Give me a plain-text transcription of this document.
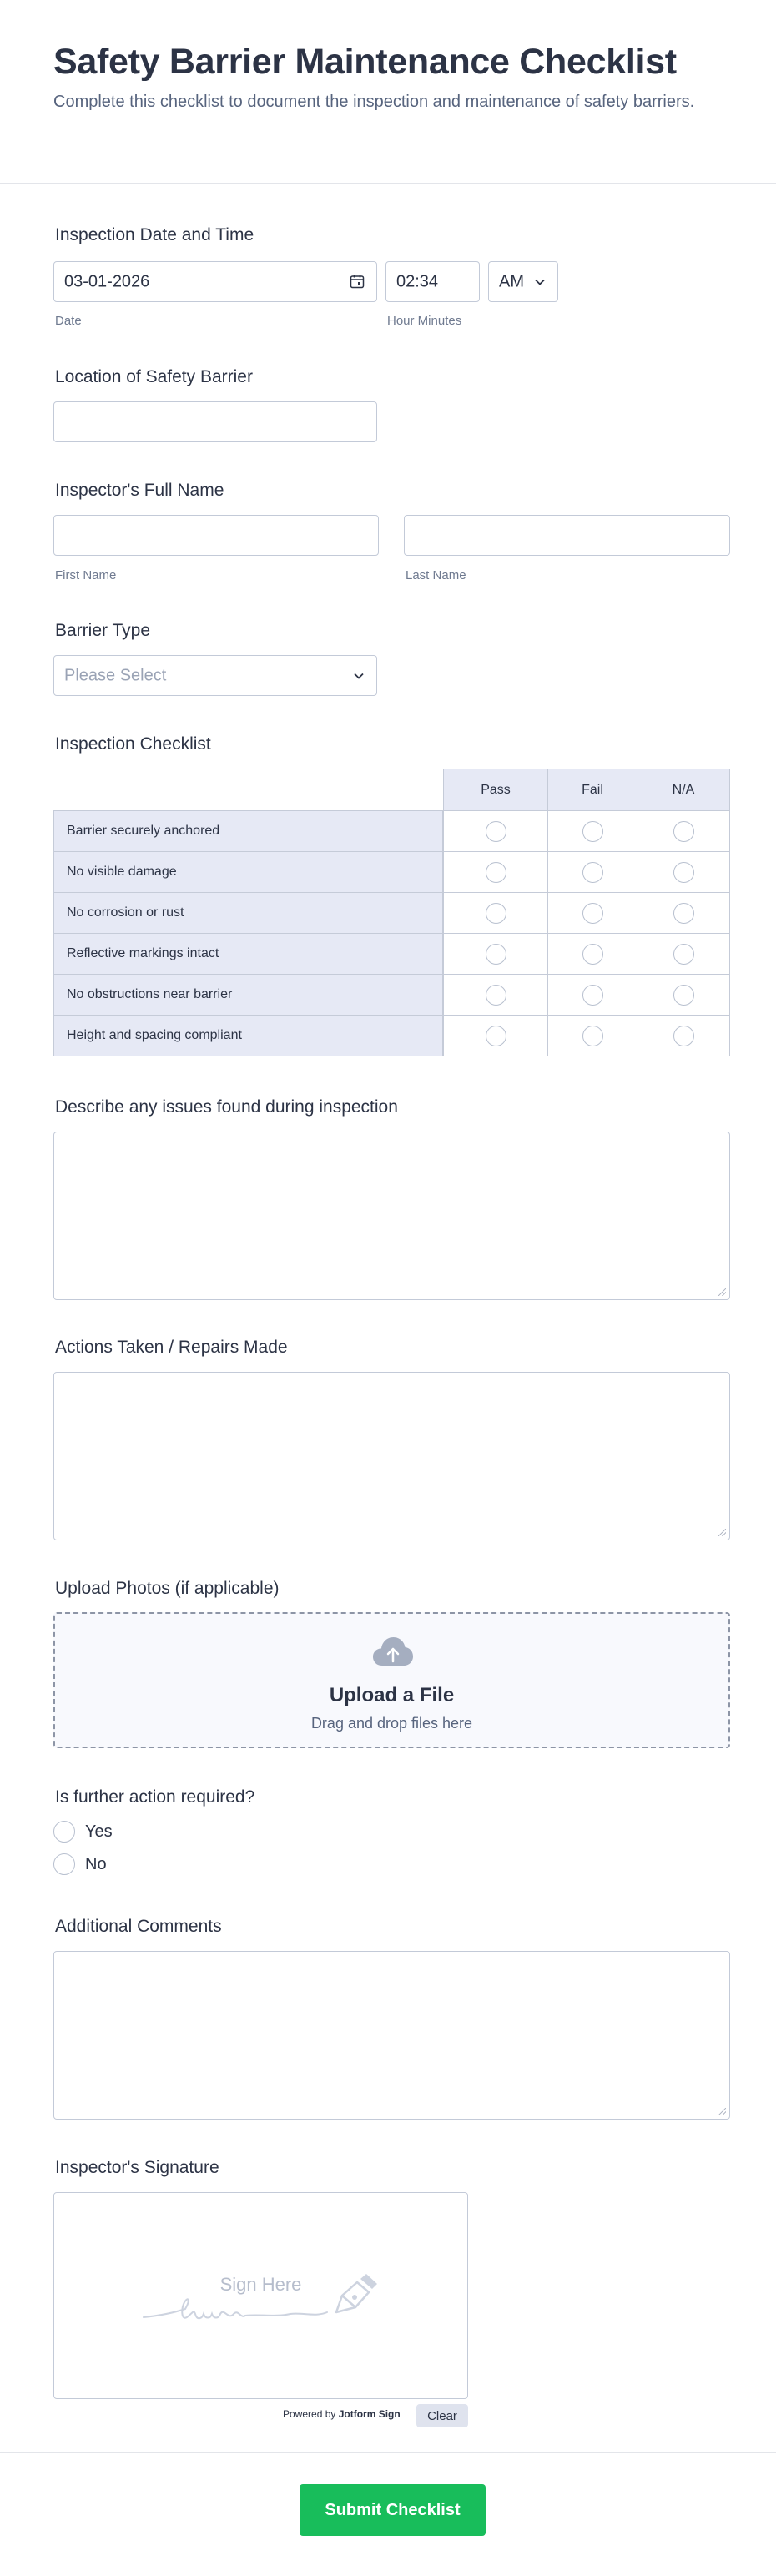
Safety Barrier Maintenance Checklist

Complete this checklist to document the inspection and maintenance of safety barriers.

Inspection Date and Time
03-01-2026
Date
02:34	AM
Hour Minutes
Location of Safety Barrier
Inspector's Full Name
First Name	Last Name
Barrier Type
Please Select
Inspection Checklist
Pass	Fail	N/A
Barrier securely anchored
No visible damage
No corrosion or rust
Reflective markings intact
No obstructions near barrier
Height and spacing compliant
Describe any issues found during inspection
Actions Taken / Repairs Made
Upload Photos (if applicable)
Upload a File
Drag and drop files here
Is further action required?
Yes
No
Additional Comments
Inspector's Signature
Sign Here
Powered by Jotform Sign	Clear
Submit Checklist
